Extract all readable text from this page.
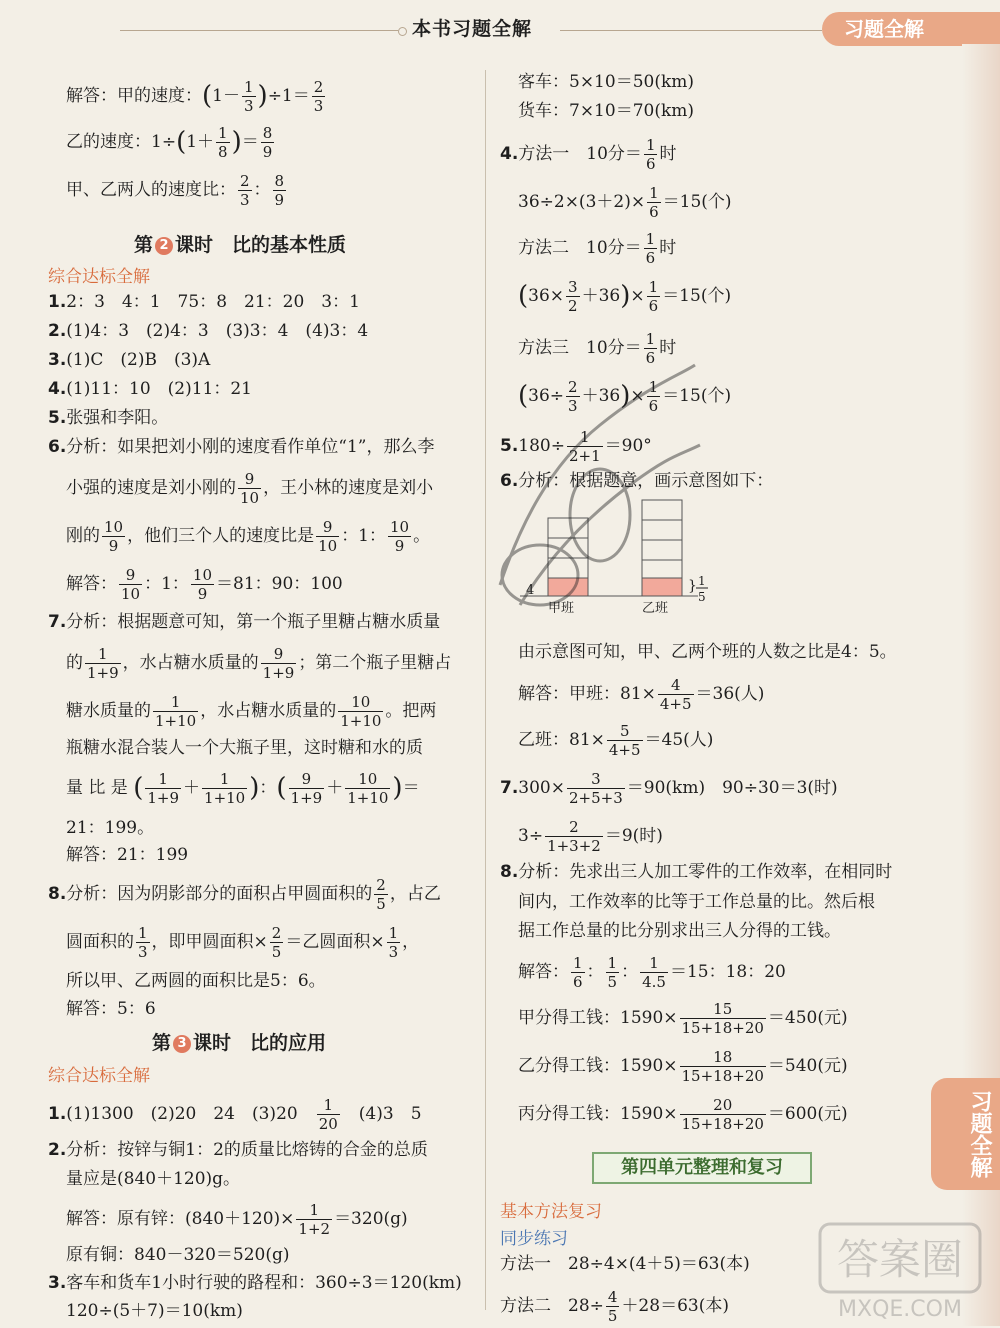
本书习题全解	习题全解
习题全解
解答：甲的速度：$(1- \frac{1}{3} )\div 1= \frac{2}{3}$
乙的速度：$1\div(1+ \frac{1}{8}$ )＝ $\frac{8}{9}$
甲、乙两人的速度比： $\frac{2}{3}$ ： $\frac{8}{9}$
第 2 课时　比的基本性质
综合达标全解
1.2：3　4：1　75：8　21：20　3：1
2.(1)4：3　(2)4：3　(3)3：4　(4)3：4
3.(1)C　(2)B　(3)A
4.(1)11：10　(2)11：21
5.张强和李阳。
6.分析：如果把刘小刚的速度看作单位“1”，那么李
小强的速度是刘小刚的 $\frac{9}{10}$ ，王小林的速度是刘小
刚的 $\frac{10}{9}$ ，他们三个人的速度比是 $\frac{9}{10}$ ：1： $\frac{10}{9}$ 。
解答： $\frac{9}{10}$ ：1： $\frac{10}{9} =81$：90：100
7.分析：根据题意可知，第一个瓶子里糖占糖水质量
的 $\frac{1}{1+9}$ ，水占糖水质量的 $\frac{9}{1+9}$ ；第二个瓶子里糖占
糖水质量的 $\frac{1}{1+10}$ ，水占糖水质量的 $\frac{10}{1+10}$ 。把两
瓶糖水混合装人一个大瓶子里，这时糖和水的质
量 比 是 ( $\frac{1}{1+9} + \frac{1}{1+10}$ )：( $\frac{9}{1+9} + \frac{10}{1+10}$ )＝
21：199。
解答：21：199
8.分析：因为阴影部分的面积占甲圆面积的 $\frac{2}{5}$ ，占乙
圆面积的 $\frac{1}{3}$ ，即甲圆面积× $\frac{2}{5}$ ＝乙圆面积× $\frac{1}{3}$ ，
所以甲、乙两圆的面积比是5：6。
解答：5：6
第 3 课时　比的应用
综合达标全解
1.(1)1300　(2)20　24　(3)20　 $\frac{1}{20}$ 　(4)3　5
2.分析：按锌与铜1：2的质量比熔铸的合金的总质
量应是(840＋120)g。
解答：原有锌：$(840+120)\times \frac{1}{1+2} =320(g)$
原有铜：840－320＝520(g)
3.客车和货车1小时行驶的路程和：360÷3＝120(km)
120÷(5＋7)＝10(km)
客车：5×10＝50(km)
货车：7×10＝70(km)
4.方法一　10分＝ $\frac{1}{6}$ 时
$36\div 2\times(3+2)\times \frac{1}{6} =15$(个)
方法二　10分＝ $\frac{1}{6}$ 时
$(36\times \frac{3}{2} +36)\times \frac{1}{6} =15$(个)
方法三　10分＝ $\frac{1}{6}$ 时
$(36\div \frac{2}{3} +36)\times \frac{1}{6} =15$(个)
$5.180\div \frac{1}{2+1} =90^\circ$
6.分析：根据题意，画示意图如下：
4
甲班	乙班
} 1
5
由示意图可知，甲、乙两个班的人数之比是4：5。
解答：甲班：$81\times \frac{4}{4+5} =36$(人)
乙班：$81\times \frac{5}{4+5} =45$(人)
$7.300\times \frac{3}{2+5+3} =90(km)$　90÷30＝3(时)
$3\div \frac{2}{1+3+2} =9$(时)
8.分析：先求出三人加工零件的工作效率，在相同时
间内，工作效率的比等于工作总量的比。然后根
据工作总量的比分别求出三人分得的工钱。
解答： $\frac{1}{6}$ ： $\frac{1}{5}$ ： $\frac{1}{4.5} =15$：18：20
甲分得工钱：$1590\times \frac{15}{15+18+20} =450$(元)
乙分得工钱：$1590\times \frac{18}{15+18+20} =540$(元)
丙分得工钱：$1590\times \frac{20}{15+18+20} =600$(元)
第四单元整理和复习
基本方法复习
同步练习
方法一　28÷4×(4＋5)＝63(本)
方法二　$28\div \frac{4}{5} +28=63$(本)
答案圈
MXQE.COM
